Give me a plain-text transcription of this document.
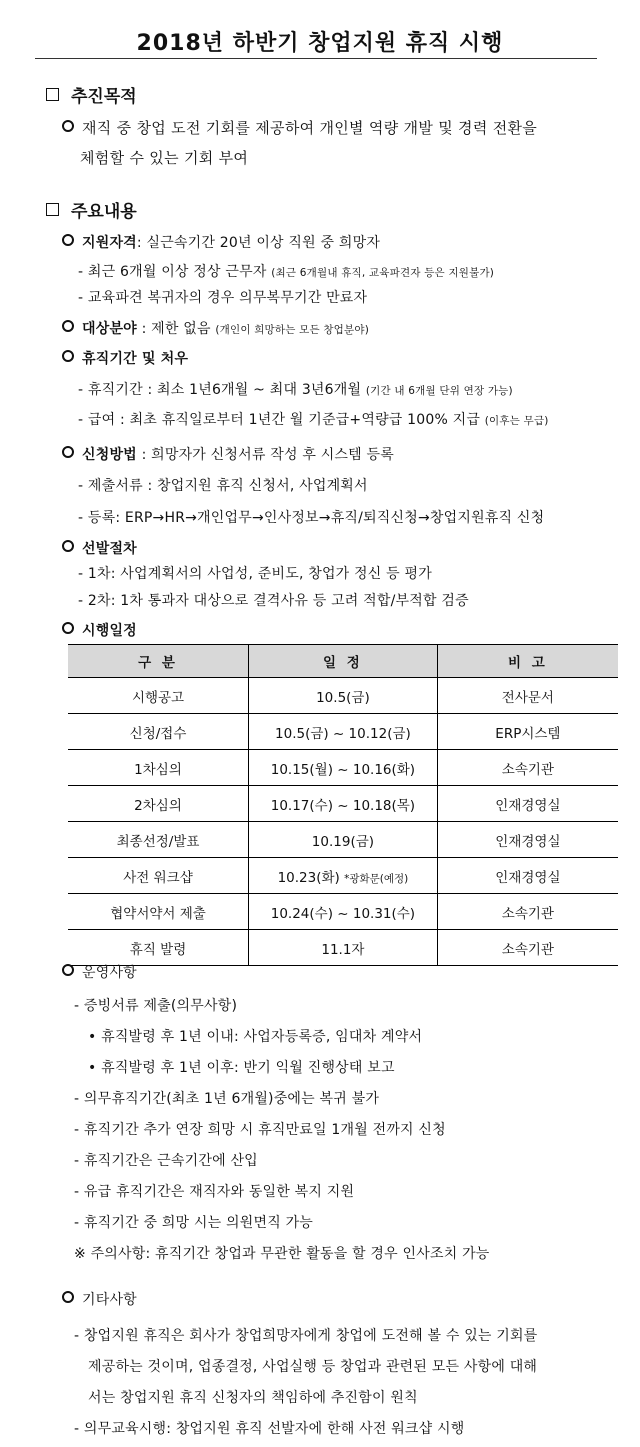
2018년 하반기 창업지원 휴직 시행
추진목적
재직 중 창업 도전 기회를 제공하여 개인별 역량 개발 및 경력 전환을
체험할 수 있는 기회 부여
주요내용
지원자격: 실근속기간 20년 이상 직원 중 희망자
- 최근 6개월 이상 정상 근무자 (최근 6개월내 휴직, 교육파견자 등은 지원불가)
- 교육파견 복귀자의 경우 의무복무기간 만료자
대상분야 : 제한 없음 (개인이 희망하는 모든 창업분야)
휴직기간 및 처우
- 휴직기간 : 최소 1년6개월 ~ 최대 3년6개월 (기간 내 6개월 단위 연장 가능)
- 급여 : 최초 휴직일로부터 1년간 월 기준급+역량급 100% 지급 (이후는 무급)
신청방법 : 희망자가 신청서류 작성 후 시스템 등록
- 제출서류 : 창업지원 휴직 신청서, 사업계획서
- 등록: ERP→HR→개인업무→인사정보→휴직/퇴직신청→창업지원휴직 신청
선발절차
- 1차: 사업계획서의 사업성, 준비도, 창업가 정신 등 평가
- 2차: 1차 통과자 대상으로 결격사유 등 고려 적합/부적합 검증
시행일정
구 분	일 정	비 고
시행공고	10.5(금)	전사문서
신청/접수	10.5(금) ~ 10.12(금)	ERP시스템
1차심의	10.15(월) ~ 10.16(화)	소속기관
2차심의	10.17(수) ~ 10.18(목)	인재경영실
최종선정/발표	10.19(금)	인재경영실
사전 워크샵	10.23(화) *광화문(예정)	인재경영실
협약서약서 제출	10.24(수) ~ 10.31(수)	소속기관
휴직 발령	11.1자	소속기관
운영사항
- 증빙서류 제출(의무사항)
• 휴직발령 후 1년 이내: 사업자등록증, 임대차 계약서
• 휴직발령 후 1년 이후: 반기 익월 진행상태 보고
- 의무휴직기간(최초 1년 6개월)중에는 복귀 불가
- 휴직기간 추가 연장 희망 시 휴직만료일 1개월 전까지 신청
- 휴직기간은 근속기간에 산입
- 유급 휴직기간은 재직자와 동일한 복지 지원
- 휴직기간 중 희망 시는 의원면직 가능
※ 주의사항: 휴직기간 창업과 무관한 활동을 할 경우 인사조치 가능
기타사항
- 창업지원 휴직은 회사가 창업희망자에게 창업에 도전해 볼 수 있는 기회를
제공하는 것이며, 업종결정, 사업실행 등 창업과 관련된 모든 사항에 대해
서는 창업지원 휴직 신청자의 책임하에 추진함이 원칙
- 의무교육시행: 창업지원 휴직 선발자에 한해 사전 워크샵 시행
